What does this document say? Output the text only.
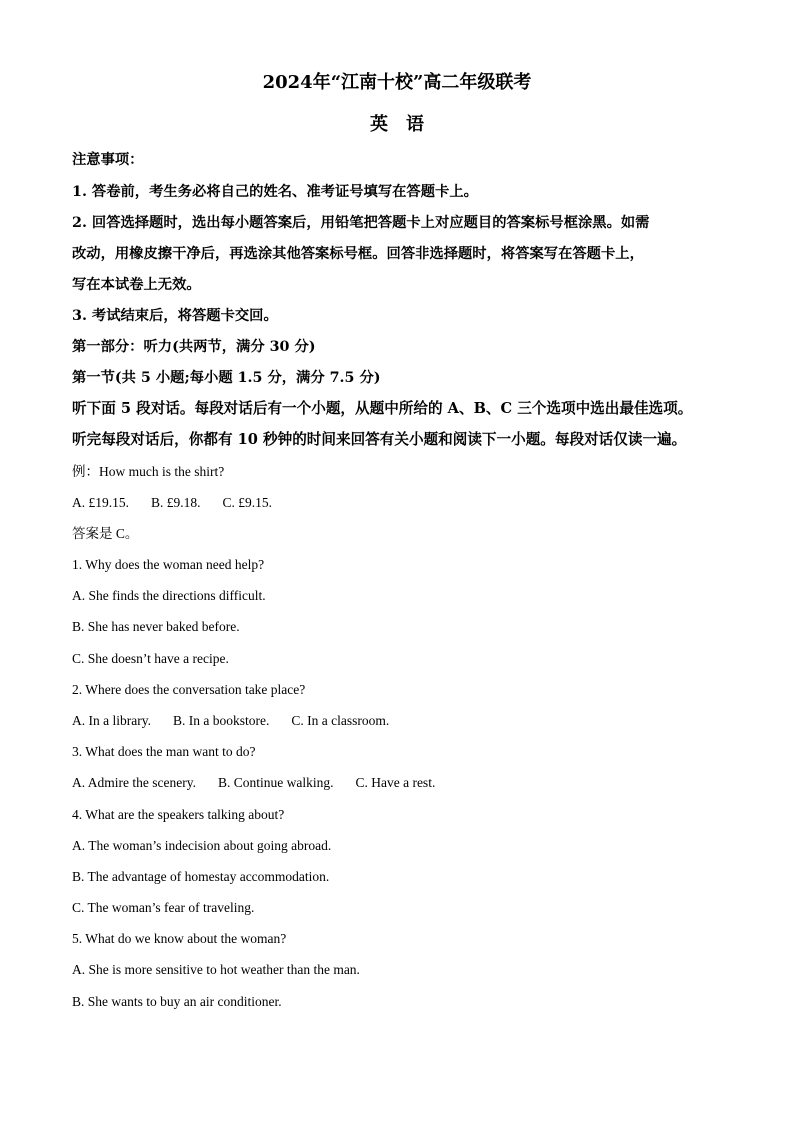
2024年“江南十校”高二年级联考
英语
注意事项：
1. 答卷前，考生务必将自己的姓名、准考证号填写在答题卡上。
2. 回答选择题时，选出每小题答案后，用铅笔把答题卡上对应题目的答案标号框涂黑。如需
改动，用橡皮擦干净后，再选涂其他答案标号框。回答非选择题时，将答案写在答题卡上，
写在本试卷上无效。
3. 考试结束后，将答题卡交回。
第一部分：听力(共两节，满分 30 分)
第一节(共 5 小题;每小题 1.5 分，满分 7.5 分)
听下面 5 段对话。每段对话后有一个小题，从题中所给的 A、B、C 三个选项中选出最佳选项。
听完每段对话后，你都有 10 秒钟的时间来回答有关小题和阅读下一小题。每段对话仅读一遍。
例：How much is the shirt?
A. £19.15. B. £9.18. C. £9.15.
答案是 C。
1. Why does the woman need help?
A. She finds the directions difficult.
B. She has never baked before.
C. She doesn’t have a recipe.
2. Where does the conversation take place?
A. In a library. B. In a bookstore. C. In a classroom.
3. What does the man want to do?
A. Admire the scenery. B. Continue walking. C. Have a rest.
4. What are the speakers talking about?
A. The woman’s indecision about going abroad.
B. The advantage of homestay accommodation.
C. The woman’s fear of traveling.
5. What do we know about the woman?
A. She is more sensitive to hot weather than the man.
B. She wants to buy an air conditioner.
